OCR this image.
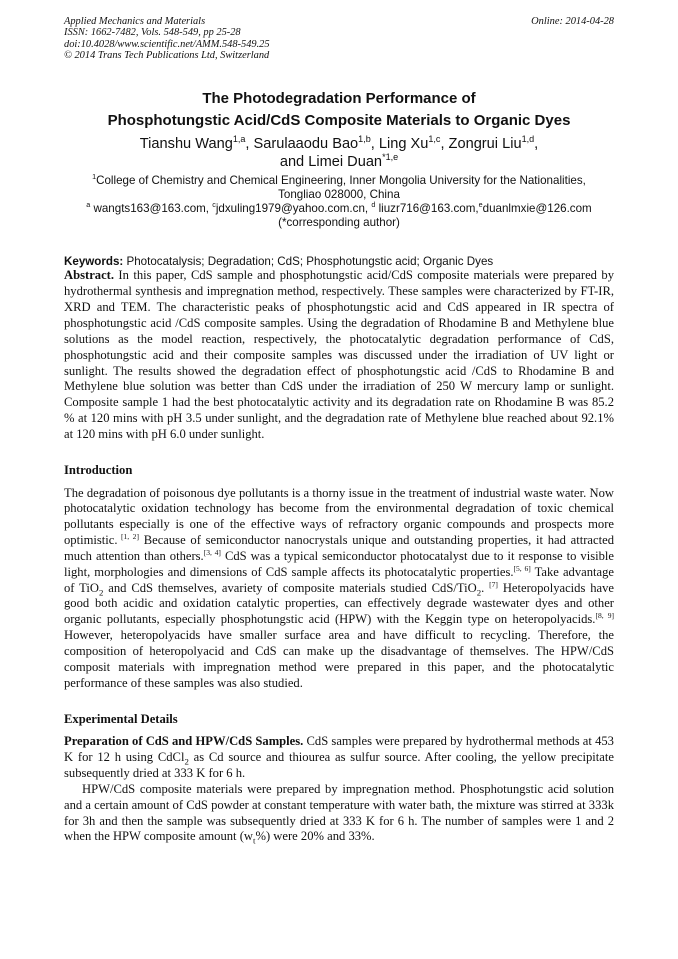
Applied Mechanics and Materials
ISSN: 1662-7482, Vols. 548-549, pp 25-28
doi:10.4028/www.scientific.net/AMM.548-549.25
© 2014 Trans Tech Publications Ltd, Switzerland
Online: 2014-04-28
The Photodegradation Performance of
Phosphotungstic Acid/CdS Composite Materials to Organic Dyes
Tianshu Wang$^{1,a}$, Sarulaaodu Bao$^{1,b}$, Ling Xu$^{1,c}$, Zongrui Liu$^{1,d}$,
and Limei Duan$^{*1,e}$
$^1$College of Chemistry and Chemical Engineering, Inner Mongolia University for the Nationalities,
Tongliao 028000, China
$^a$ wangts163@163.com, $^c$jdxuling1979@yahoo.com.cn, $^d$ liuzr716@163.com,$^e$duanlmxie@126.com
(*corresponding author)
Keywords: Photocatalysis; Degradation; CdS; Phosphotungstic acid; Organic Dyes

Abstract. In this paper, CdS sample and phosphotungstic acid/CdS composite materials were prepared by hydrothermal synthesis and impregnation method, respectively. These samples were characterized by FT-IR, XRD and TEM. The characteristic peaks of phosphotungstic acid and CdS appeared in IR spectra of phosphotungstic acid /CdS composite samples. Using the degradation of Rhodamine B and Methylene blue solutions as the model reaction, respectively, the photocatalytic degradation performance of CdS, phosphotungstic acid and their composite samples was discussed under the irradiation of UV light or sunlight. The results showed the degradation effect of phosphotungstic acid /CdS to Rhodamine B and Methylene blue solution was better than CdS under the irradiation of 250 W mercury lamp or sunlight. Composite sample 1 had the best photocatalytic activity and its degradation rate on Rhodamine B was 85.2 % at 120 mins with pH 3.5 under sunlight, and the degradation rate of Methylene blue reached about 92.1% at 120 mins with pH 6.0 under sunlight.

Introduction

The degradation of poisonous dye pollutants is a thorny issue in the treatment of industrial waste water. Now photocatalytic oxidation technology has become from the environmental degradation of toxic chemical pollutants especially is one of the effective ways of refractory organic compounds and prospects more optimistic. [1, 2] Because of semiconductor nanocrystals unique and outstanding properties, it had attracted much attention than others.[3, 4] CdS was a typical semiconductor photocatalyst due to it response to visible light, morphologies and dimensions of CdS sample affects its photocatalytic properties.[5, 6] Take advantage of TiO$_2$ and CdS themselves, avariety of composite materials studied CdS/TiO$_2$. [7] Heteropolyacids have good both acidic and oxidation catalytic properties, can effectively degrade wastewater dyes and other organic pollutants, especially phosphotungstic acid (HPW) with the Keggin type on heteropolyacids.[8, 9] However, heteropolyacids have smaller surface area and have difficult to recycling. Therefore, the composition of heteropolyacid and CdS can make up the disadvantage of themselves. The HPW/CdS composit materials with impregnation method were prepared in this paper, and the photocatalytic performance of these samples was also studied.

Experimental Details

Preparation of CdS and HPW/CdS Samples. CdS samples were prepared by hydrothermal methods at 453 K for 12 h using CdCl$_2$ as Cd source and thiourea as sulfur source. After cooling, the yellow precipitate subsequently dried at 333 K for 6 h.

HPW/CdS composite materials were prepared by impregnation method. Phosphotungstic acid solution and a certain amount of CdS powder at constant temperature with water bath, the mixture was stirred at 333k for 3h and then the sample was subsequently dried at 333 K for 6 h. The number of samples were 1 and 2 when the HPW composite amount $(w_t\%)$ were 20% and 33%.
